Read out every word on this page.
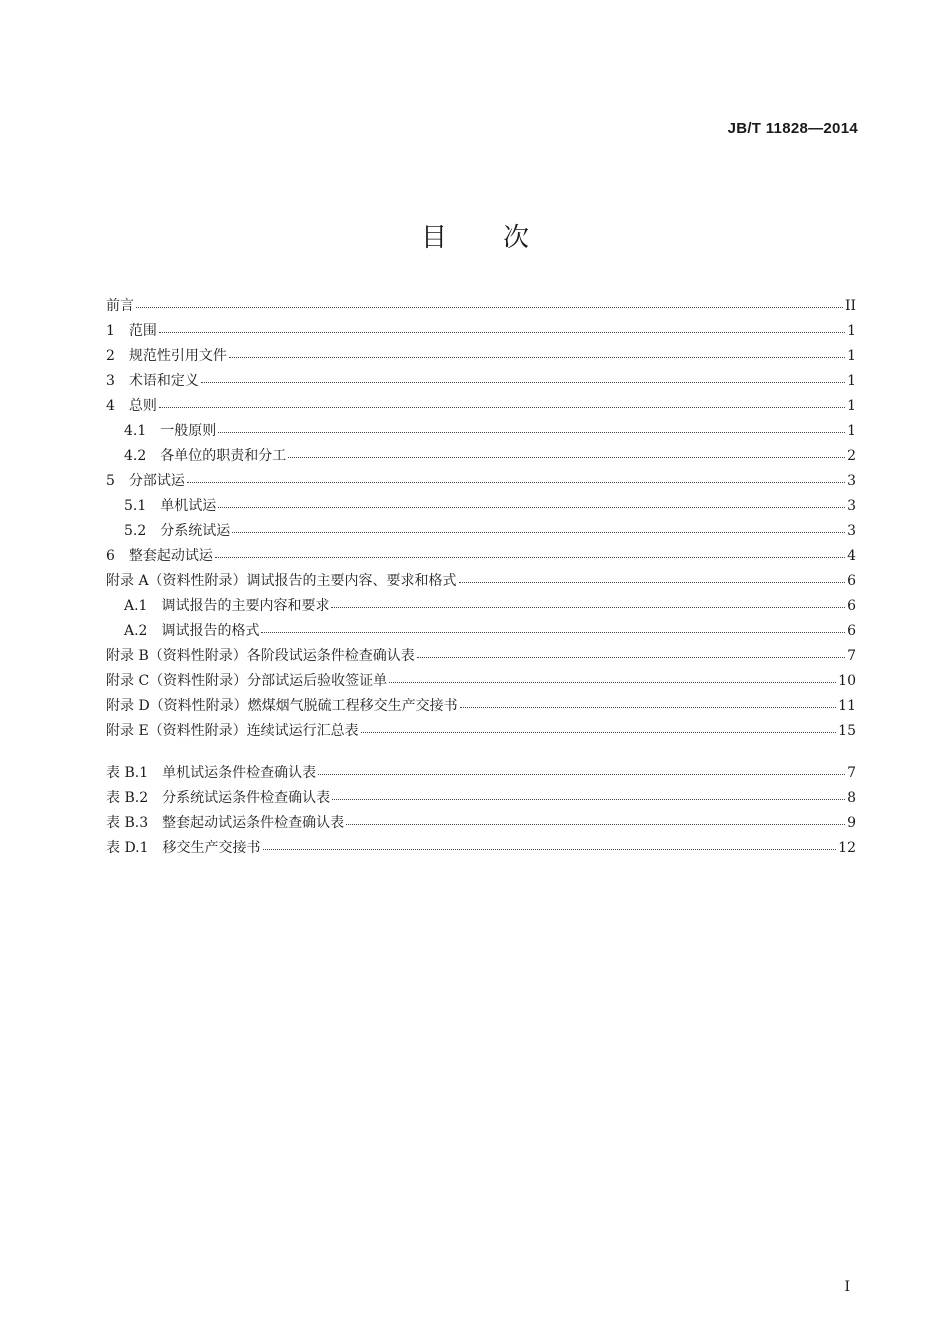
JB/T 11828—2014
目次
前言	II
1 范围	1
2 规范性引用文件	1
3 术语和定义	1
4 总则	1
4.1 一般原则	1
4.2 各单位的职责和分工	2
5 分部试运	3
5.1 单机试运	3
5.2 分系统试运	3
6 整套起动试运	4
附录 A（资料性附录）调试报告的主要内容、要求和格式	6
A.1 调试报告的主要内容和要求	6
A.2 调试报告的格式	6
附录 B（资料性附录）各阶段试运条件检查确认表	7
附录 C（资料性附录）分部试运后验收签证单	10
附录 D（资料性附录）燃煤烟气脱硫工程移交生产交接书	11
附录 E（资料性附录）连续试运行汇总表	15
表 B.1 单机试运条件检查确认表	7
表 B.2 分系统试运条件检查确认表	8
表 B.3 整套起动试运条件检查确认表	9
表 D.1 移交生产交接书	12
I
